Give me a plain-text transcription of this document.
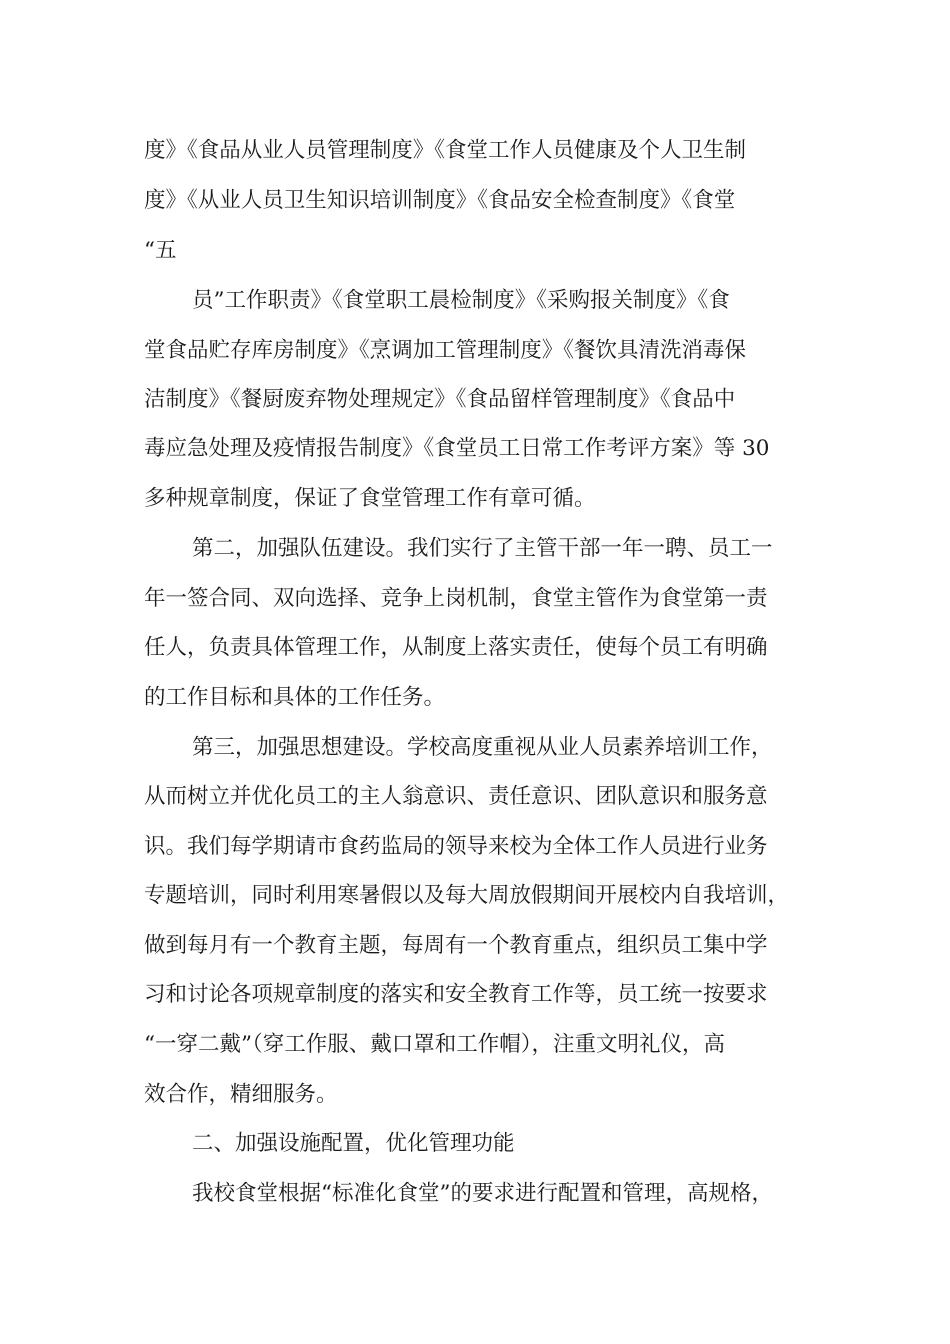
度》《食品从业人员管理制度》《食堂工作人员健康及个人卫生制

度》《从业人员卫生知识培训制度》《食品安全检查制度》《食堂

“五

员”工作职责》《食堂职工晨检制度》《采购报关制度》《食

堂食品贮存库房制度》《烹调加工管理制度》《餐饮具清洗消毒保

洁制度》《餐厨废弃物处理规定》《食品留样管理制度》《食品中

毒应急处理及疫情报告制度》《食堂员工日常工作考评方案》等 30

多种规章制度，保证了食堂管理工作有章可循。

第二，加强队伍建设。我们实行了主管干部一年一聘、员工一

年一签合同、双向选择、竞争上岗机制，食堂主管作为食堂第一责

任人，负责具体管理工作，从制度上落实责任，使每个员工有明确

的工作目标和具体的工作任务。

第三，加强思想建设。学校高度重视从业人员素养培训工作，

从而树立并优化员工的主人翁意识、责任意识、团队意识和服务意

识。我们每学期请市食药监局的领导来校为全体工作人员进行业务

专题培训，同时利用寒暑假以及每大周放假期间开展校内自我培训，

做到每月有一个教育主题，每周有一个教育重点，组织员工集中学

习和讨论各项规章制度的落实和安全教育工作等，员工统一按要求

“一穿二戴”（穿工作服、戴口罩和工作帽），注重文明礼仪，高

效合作，精细服务。

二、加强设施配置，优化管理功能

我校食堂根据“标准化食堂”的要求进行配置和管理，高规格，
